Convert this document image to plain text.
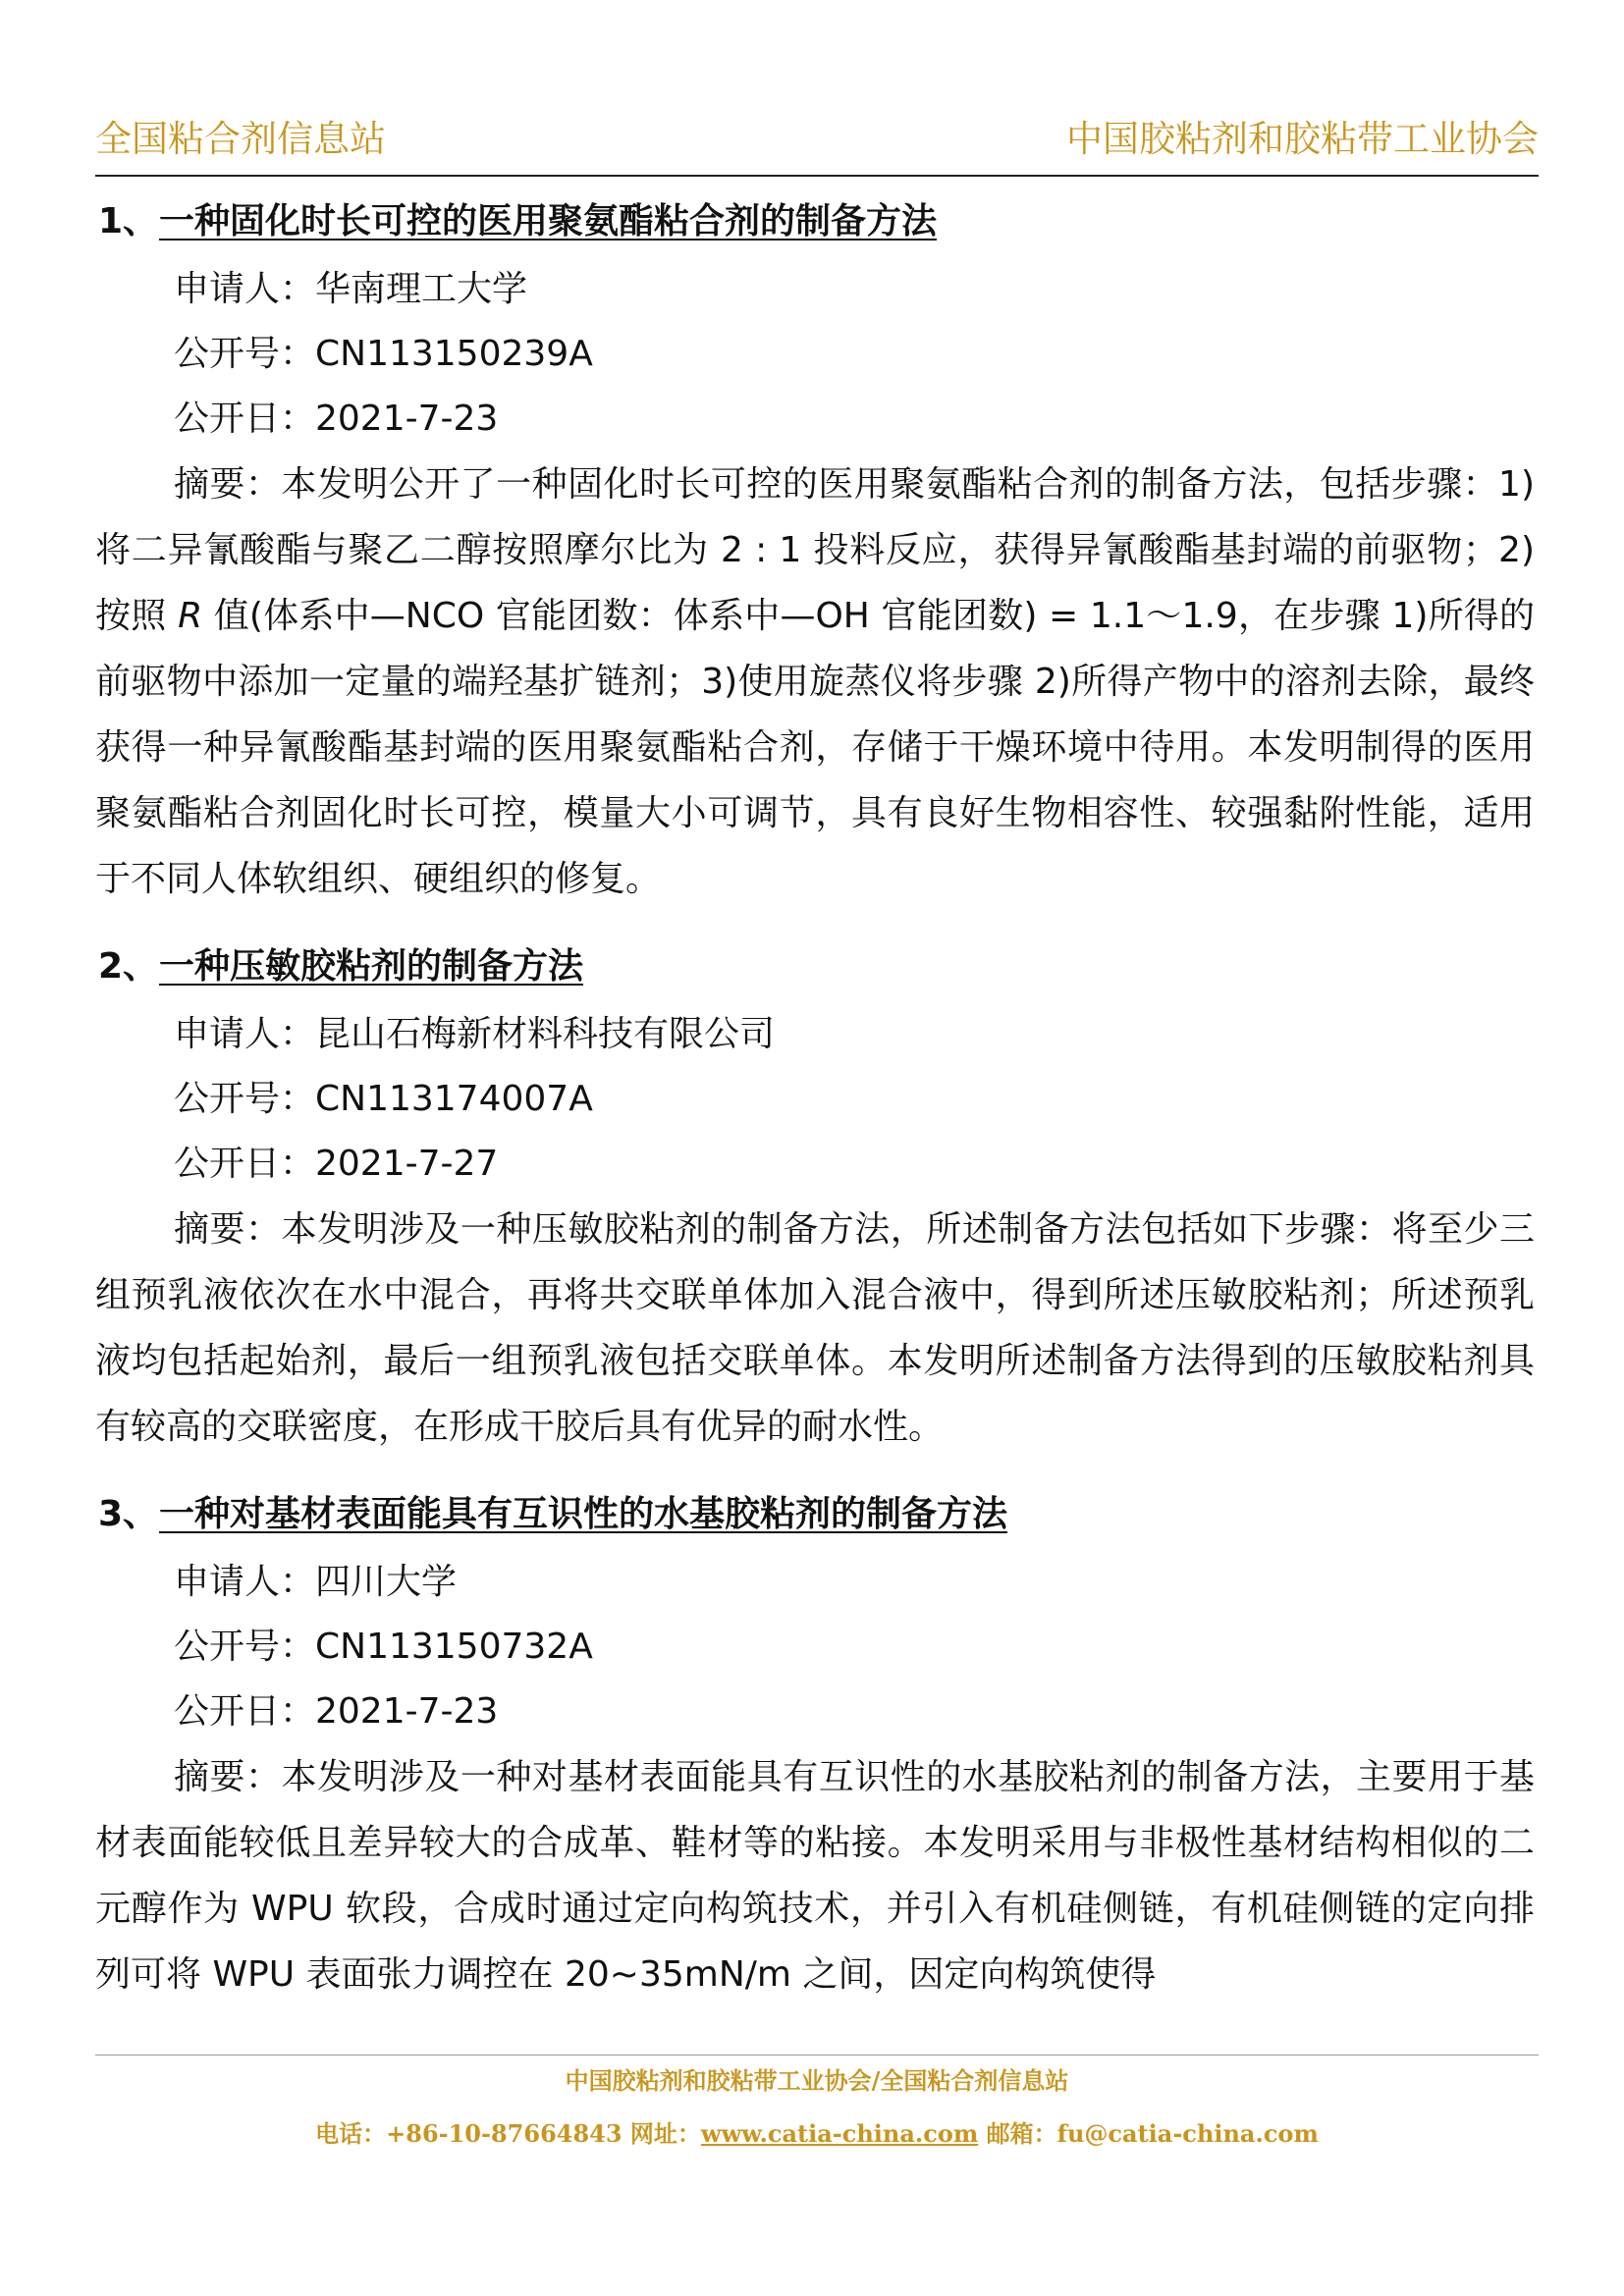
全国粘合剂信息站	中国胶粘剂和胶粘带工业协会
1、一种固化时长可控的医用聚氨酯粘合剂的制备方法
申请人：华南理工大学
公开号：CN113150239A
公开日：2021-7-23

摘要：本发明公开了一种固化时长可控的医用聚氨酯粘合剂的制备方法，包括步骤：1)将二异氰酸酯与聚乙二醇按照摩尔比为 2 : 1 投料反应，获得异氰酸酯基封端的前驱物；2)按照 R 值(体系中—NCO 官能团数：体系中—OH 官能团数) = 1.1～1.9，在步骤 1)所得的前驱物中添加一定量的端羟基扩链剂；3)使用旋蒸仪将步骤 2)所得产物中的溶剂去除，最终获得一种异氰酸酯基封端的医用聚氨酯粘合剂，存储于干燥环境中待用。本发明制得的医用聚氨酯粘合剂固化时长可控，模量大小可调节，具有良好生物相容性、较强黏附性能，适用于不同人体软组织、硬组织的修复。

2、一种压敏胶粘剂的制备方法
申请人：昆山石梅新材料科技有限公司
公开号：CN113174007A
公开日：2021-7-27

摘要：本发明涉及一种压敏胶粘剂的制备方法，所述制备方法包括如下步骤：将至少三组预乳液依次在水中混合，再将共交联单体加入混合液中，得到所述压敏胶粘剂；所述预乳液均包括起始剂，最后一组预乳液包括交联单体。本发明所述制备方法得到的压敏胶粘剂具有较高的交联密度，在形成干胶后具有优异的耐水性。

3、一种对基材表面能具有互识性的水基胶粘剂的制备方法
申请人：四川大学
公开号：CN113150732A
公开日：2021-7-23

摘要：本发明涉及一种对基材表面能具有互识性的水基胶粘剂的制备方法，主要用于基材表面能较低且差异较大的合成革、鞋材等的粘接。本发明采用与非极性基材结构相似的二元醇作为 WPU 软段，合成时通过定向构筑技术，并引入有机硅侧链，有机硅侧链的定向排列可将 WPU 表面张力调控在 20~35mN/m 之间，因定向构筑使得

中国胶粘剂和胶粘带工业协会/全国粘合剂信息站
电话：+86-10-87664843 网址：www.catia-china.com 邮箱：fu@catia-china.com
